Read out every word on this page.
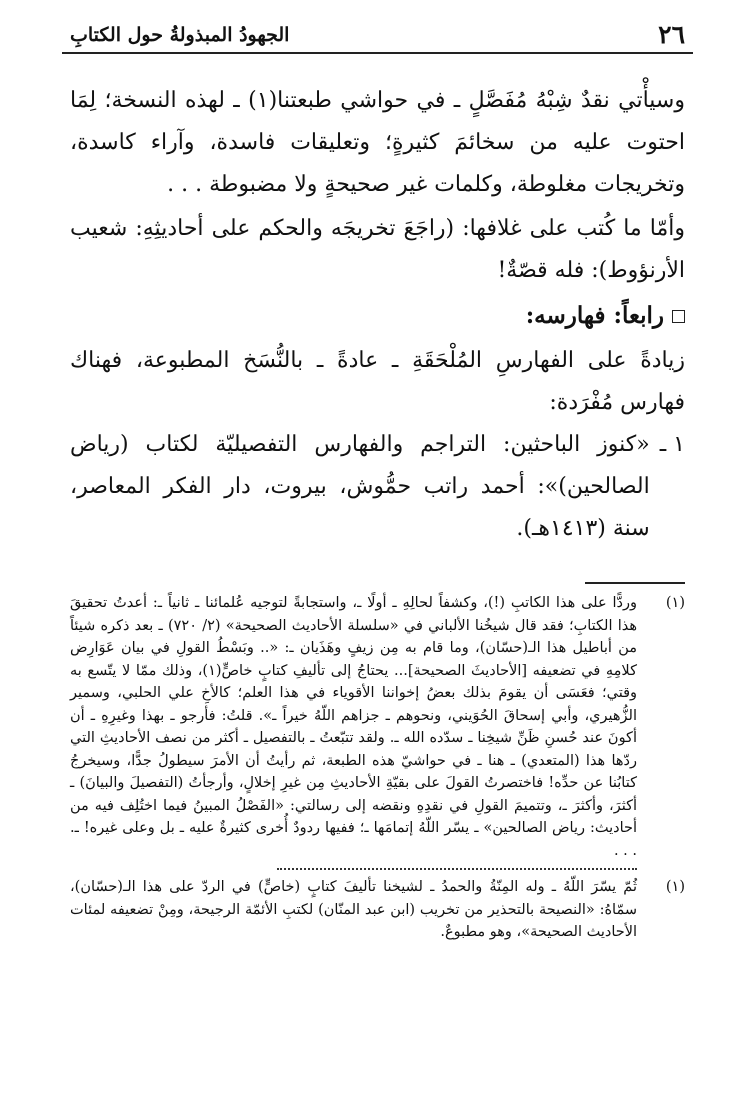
٢٦
الجهودُ المبذولةُ حول الكتابِ

وسيأْتي نقدٌ شِبْهُ مُفَصَّلٍ ـ في حواشي طبعتنا(١) ـ لهذه النسخة؛ لِمَا احتوت عليه من سخائمَ كثيرةٍ؛ وتعليقات فاسدة، وآراء كاسدة، وتخريجات مغلوطة، وكلمات غير صحيحةٍ ولا مضبوطة . . .

وأمّا ما كُتب على غلافها: (راجَعَ تخريجَه والحكم على أحاديثِهِ: شعيب الأرنؤوط): فله قصّةٌ!

رابعاً: فهارسه:

زيادةً على الفهارسِ المُلْحَقَةِ ـ عادةً ـ بالنُّسَخ المطبوعة، فهناك فهارس مُفْرَدة:

١ ـ
«كنوز الباحثين: التراجم والفهارس التفصيليّة لكتاب (رياض الصالحين)»: أحمد راتب حمُّوش، بيروت، دار الفكر المعاصر، سنة (١٤١٣هـ).
(١)

وردًّا على هذا الكاتبِ (!)، وكشفاً لحالِهِ ـ أولًا ـ، واستجابةً لتوجيه عُلمائنا ـ ثانياً ـ: أعدتُ تحقيقَ هذا الكتابِ؛ فقد قال شيخُنا الألباني في «سلسلة الأحاديث الصحيحة» (٢/ ٧٢٠) ـ بعد ذكره شيئاً من أباطيل هذا الـ(حسّان)، وما قام به مِن زيفٍ وهَذَيان ـ: «.. وبَسْطُ القولِ في بيان عَوَارِض كلامِهِ في تضعيفه [الأحاديثَ الصحيحة]... يحتاجُ إلى تأليفِ كتابٍ خاصٍّ(١)، وذلك ممّا لا يتّسع به وقتي؛ فعَسَى أن يقومَ بذلك بعضُ إخواننا الأقوياء في هذا العلم؛ كالأخِ علي الحلبي، وسمير الزُّهيري، وأبي إسحاقَ الحُوَيني، ونحوهم ـ جزاهم اللّهُ خيراً ـ». قلتُ: فأرجو ـ بهذا وغيرِهِ ـ أن أكونَ عند حُسنِ ظَنِّ شيخِنا ـ سدّده الله ـ. ولقد تتبّعتُ ـ بالتفصيل ـ أكثر من نصف الأحاديثِ التي ردّها هذا (المتعدي) ـ هنا ـ في حواشيّ هذه الطبعة، ثم رأيتُ أن الأمرَ سيطولُ جدًّا، وسيخرجُ كتابُنا عن حدِّه! فاختصرتُ القولَ على بقيّةِ الأحاديثِ مِن غيرِ إخلالٍ، وأرجأتُ (التفصيلَ والبيانَ) ـ أكثرَ، وأكثرَ ـ، وتتميمَ القولِ في نقدِهِ ونقضه إلى رسالتي: «الفَصْلُ المبينُ فيما اختُلِف فيه من أحاديث: رياض الصالحين» ـ يسّر اللّهُ إتمامَها ـ؛ ففيها ردودٌ أُخرى كثيرةٌ عليه ـ بل وعلى غيره! ـ. . . .

(١)

ثُمّ يسّرَ اللّهُ ـ وله المِنّةُ والحمدُ ـ لشيخنا تأليفَ كتابٍ (خاصٍّ) في الردّ على هذا الـ(حسّان)، سمّاهُ: «النصيحة بالتحذير من تخريب (ابن عبد المنّان) لكتبِ الأئمّة الرجيحة، ومِنْ تضعيفه لمئات الأحاديث الصحيحة»، وهو مطبوعٌ.
